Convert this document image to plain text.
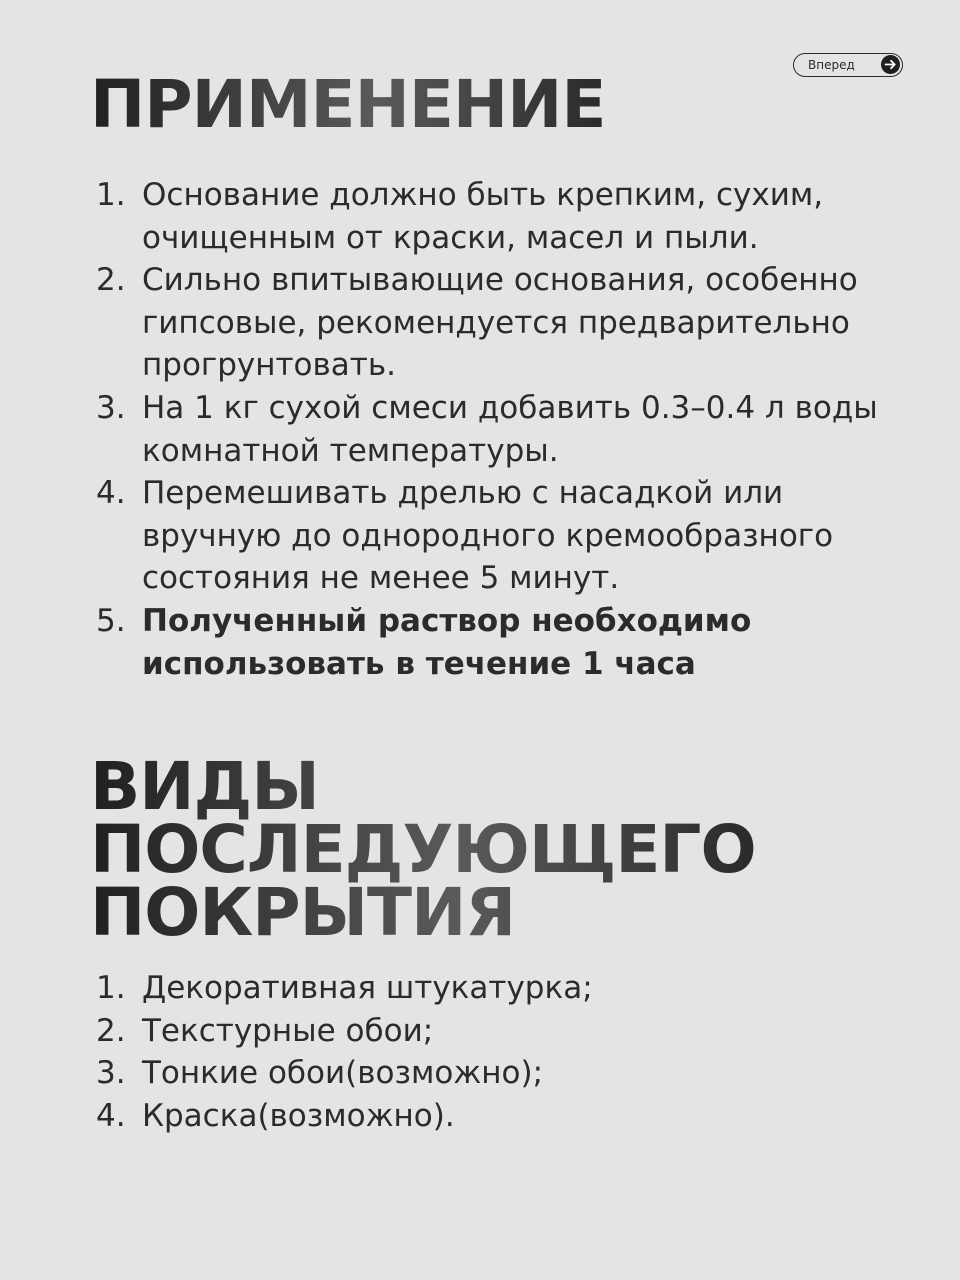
Вперед
ПРИМЕНЕНИЕ
1. Основание должно быть крепким, сухим, очищенным от краски, масел и пыли.
2. Сильно впитывающие основания, особенно гипсовые, рекомендуется предварительно прогрунтовать.
3. На 1 кг сухой смеси добавить 0.3–0.4 л воды комнатной температуры.
4. Перемешивать дрелью с насадкой или вручную до однородного кремообразного состояния не менее 5 минут.
5. Полученный раствор необходимо использовать в течение 1 часа
ВИДЫ
ПОСЛЕДУЮЩЕГО
ПОКРЫТИЯ
1. Декоративная штукатурка;
2. Текстурные обои;
3. Тонкие обои(возможно);
4. Краска(возможно).
